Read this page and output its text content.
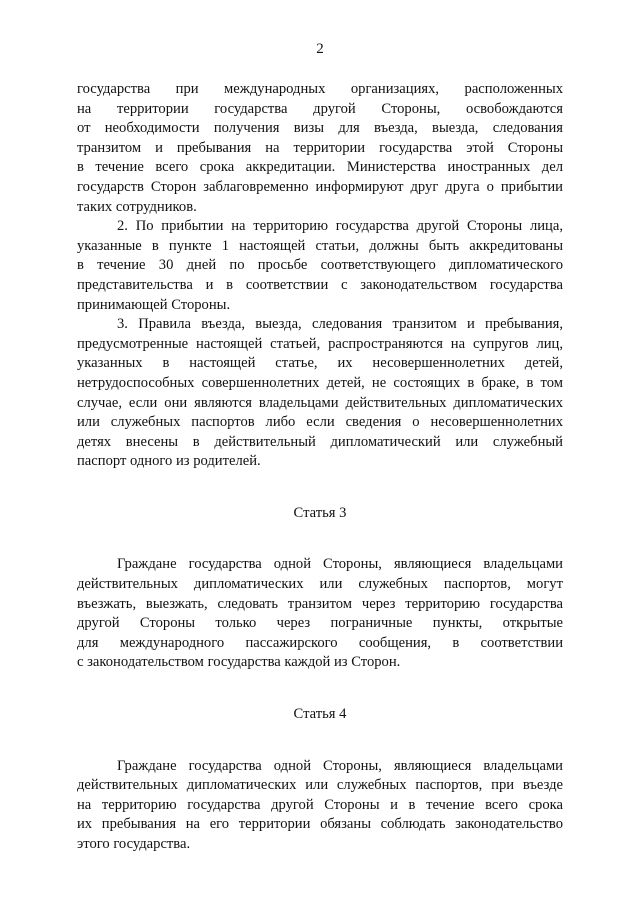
2
государства при международных организациях, расположенных
на территории государства другой Стороны, освобождаются
от необходимости получения визы для въезда, выезда, следования
транзитом и пребывания на территории государства этой Стороны
в течение всего срока аккредитации. Министерства иностранных дел
государств Сторон заблаговременно информируют друг друга о прибытии
таких сотрудников.
2. По прибытии на территорию государства другой Стороны лица,
указанные в пункте 1 настоящей статьи, должны быть аккредитованы
в течение 30 дней по просьбе соответствующего дипломатического
представительства и в соответствии с законодательством государства
принимающей Стороны.
3. Правила въезда, выезда, следования транзитом и пребывания,
предусмотренные настоящей статьей, распространяются на супругов лиц,
указанных в настоящей статье, их несовершеннолетних детей,
нетрудоспособных совершеннолетних детей, не состоящих в браке, в том
случае, если они являются владельцами действительных дипломатических
или служебных паспортов либо если сведения о несовершеннолетних
детях внесены в действительный дипломатический или служебный
паспорт одного из родителей.
Статья 3
Граждане государства одной Стороны, являющиеся владельцами
действительных дипломатических или служебных паспортов, могут
въезжать, выезжать, следовать транзитом через территорию государства
другой Стороны только через пограничные пункты, открытые
для международного пассажирского сообщения, в соответствии
с законодательством государства каждой из Сторон.
Статья 4
Граждане государства одной Стороны, являющиеся владельцами
действительных дипломатических или служебных паспортов, при въезде
на территорию государства другой Стороны и в течение всего срока
их пребывания на его территории обязаны соблюдать законодательство
этого государства.
